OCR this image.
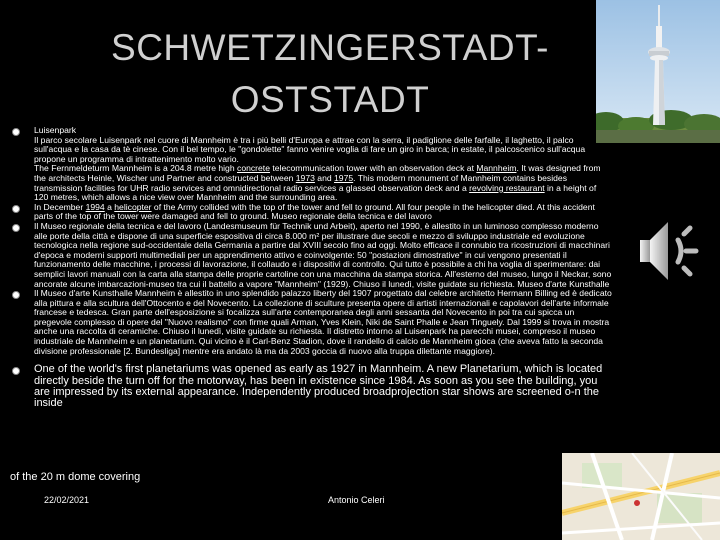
SCHWETZINGERSTADT-
OSTSTADT
Luisenpark
Il parco secolare Luisenpark nel cuore di Mannheim è tra i più belli d'Europa e attrae con la serra, il padiglione delle farfalle, il laghetto, il palco sull'acqua e la casa da tè cinese. Con il bel tempo, le "gondolette" fanno venire voglia di fare un giro in barca; in estate, il palcoscenico sull'acqua propone un programma di intrattenimento molto vario.
The Fernmeldeturm Mannheim is a 204.8 metre high concrete telecommunication tower with an observation deck at Mannheim. It was designed from the architects Heinle, Wischer und Partner and constructed between 1973 and 1975. This modern monument of Mannheim contains besides transmission facilities for UHR radio services and omnidirectional radio services a glassed observation deck and a revolving restaurant in a height of 120 metres, which allows a nice view over Mannheim and the surrounding area.
In December 1994 a helicopter of the Army collided with the top of the tower and fell to ground. All four people in the helicopter died. At this accident parts of the top of the tower were damaged and fell to ground. Museo regionale della tecnica e del lavoro
Il Museo regionale della tecnica e del lavoro (Landesmuseum für Technik und Arbeit), aperto nel 1990, è allestito in un luminoso complesso moderno alle porte della città e dispone di una superficie espositiva di circa 8.000 m² per illustrare due secoli e mezzo di sviluppo industriale ed evoluzione tecnologica nella regione sud-occidentale della Germania a partire dal XVIII secolo fino ad oggi. Molto efficace il connubio tra ricostruzioni di macchinari d'epoca e moderni supporti multimediali per un apprendimento attivo e coinvolgente: 50 "postazioni dimostrative" in cui vengono presentati il funzionamento delle macchine, i processi di lavorazione, il collaudo e i dispositivi di controllo. Qui tutto è possibile a chi ha voglia di sperimentare: dai semplici lavori manuali con la carta alla stampa delle proprie cartoline con una macchina da stampa storica. All'esterno del museo, lungo il Neckar, sono ancorate alcune imbarcazioni-museo tra cui il battello a vapore "Mannheim" (1929). Chiuso il lunedì, visite guidate su richiesta. Museo d'arte Kunsthalle
Il Museo d'arte Kunsthalle Mannheim è allestito in uno splendido palazzo liberty del 1907 progettato dal celebre architetto Hermann Billing ed è dedicato alla pittura e alla scultura dell'Ottocento e del Novecento. La collezione di sculture presenta opere di artisti internazionali e capolavori dell'arte informale francese e tedesca. Gran parte dell'esposizione si focalizza sull'arte contemporanea degli anni sessanta del Novecento in poi tra cui spicca un pregevole complesso di opere del "Nuovo realismo" con firme quali Arman, Yves Klein, Niki de Saint Phalle e Jean Tinguely. Dal 1999 si trova in mostra anche una raccolta di ceramiche. Chiuso il lunedì, visite guidate su richiesta. Il distretto intorno al Luisenpark ha parecchi musei, compreso il museo industriale de Mannheim e un planetarium. Qui vicino è il Carl-Benz Stadion, dove il randello di calcio de Mannheim gioca (che aveva fatto la seconda divisione professionale [2. Bundesliga] mentre era andato là ma da 2003 goccia di nuovo alla truppa dilettante maggiore).
One of the world's first planetariums was opened as early as 1927 in Mannheim. A new Planetarium, which is located directly beside the turn off for the motorway, has been in existence since 1984. As soon as you see the building, you are impressed by its external appearance. Independently produced broadprojection star shows are screened o-n the inside
of the 20 m dome covering
22/02/2021	Antonio Celeri
